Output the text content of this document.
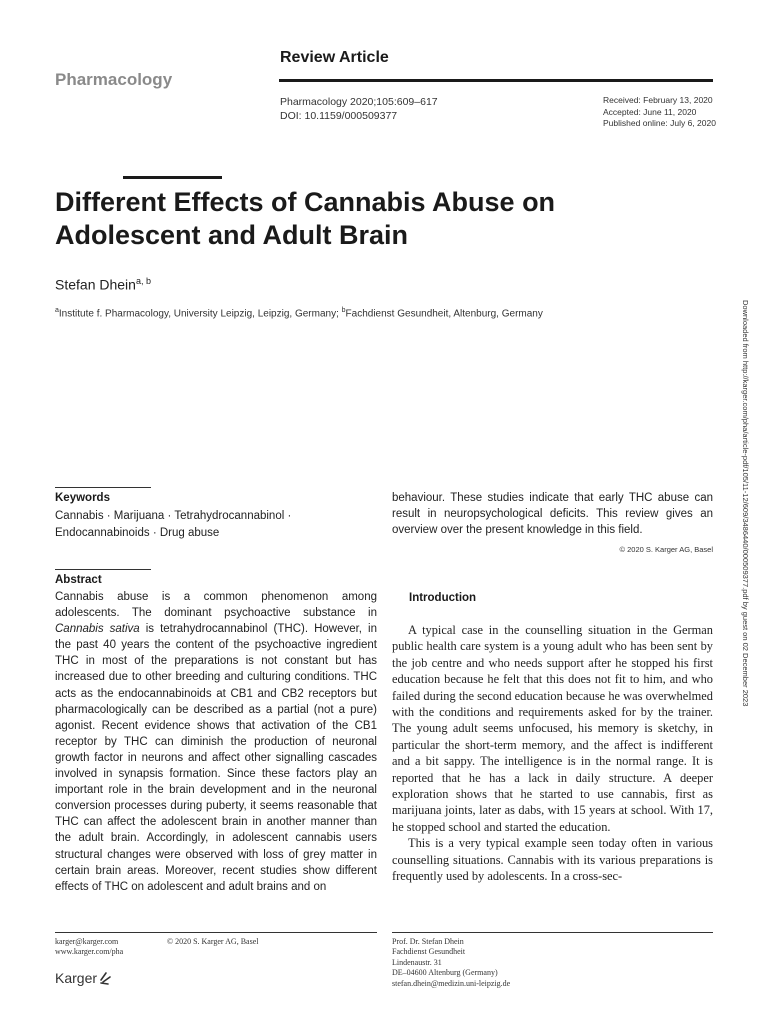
Pharmacology
Review Article
Pharmacology 2020;105:609–617
DOI: 10.1159/000509377
Received: February 13, 2020
Accepted: June 11, 2020
Published online: July 6, 2020
Different Effects of Cannabis Abuse on
Adolescent and Adult Brain
Stefan Dhein$^{a, b}$
$^a$Institute f. Pharmacology, University Leipzig, Leipzig, Germany; $^b$Fachdienst Gesundheit, Altenburg, Germany	Downloaded from http://karger.com/pha/article-pdf/105/11-12/609/3486440/000509377.pdf by guest on 02 December 2023
Keywords
Cannabis · Marijuana · Tetrahydrocannabinol ·
Endocannabinoids · Drug abuse
Abstract

Cannabis abuse is a common phenomenon among adolescents. The dominant psychoactive substance in Cannabis sativa is tetrahydrocannabinol (THC). However, in the past 40 years the content of the psychoactive ingredient THC in most of the preparations is not constant but has increased due to other breeding and culturing conditions. THC acts as the endocannabinoids at CB1 and CB2 receptors but pharmacologically can be described as a partial (not a pure) agonist. Recent evidence shows that activation of the CB1 receptor by THC can diminish the production of neuronal growth factor in neurons and affect other signalling cascades involved in synapsis formation. Since these factors play an important role in the brain development and in the neuronal conversion processes during puberty, it seems reasonable that THC can affect the adolescent brain in another manner than the adult brain. Accordingly, in adolescent cannabis users structural changes were observed with loss of grey matter in certain brain areas. Moreover, recent studies show different effects of THC on adolescent and adult brains and on

behaviour. These studies indicate that early THC abuse can result in neuropsychological deficits. This review gives an overview over the present knowledge in this field.
© 2020 S. Karger AG, Basel
Introduction

A typical case in the counselling situation in the German public health care system is a young adult who has been sent by the job centre and who needs support after he stopped his first education because he felt that this does not fit to him, and who failed during the second education because he was overwhelmed with the conditions and requirements asked for by the trainer. The young adult seems unfocused, his memory is sketchy, in particular the short-term memory, and the affect is indifferent and a bit sappy. The intelligence is in the normal range. It is reported that he has a lack in daily structure. A deeper exploration shows that he started to use cannabis, first as marijuana joints, later as dabs, with 15 years at school. With 17, he stopped school and started the education.

This is a very typical example seen today often in various counselling situations. Cannabis with its various preparations is frequently used by adolescents. In a cross-sec-

karger@karger.com
www.karger.com/pha
© 2020 S. Karger AG, Basel
Karger
Prof. Dr. Stefan Dhein
Fachdienst Gesundheit
Lindenaustr. 31
DE–04600 Altenburg (Germany)
stefan.dhein@medizin.uni-leipzig.de
